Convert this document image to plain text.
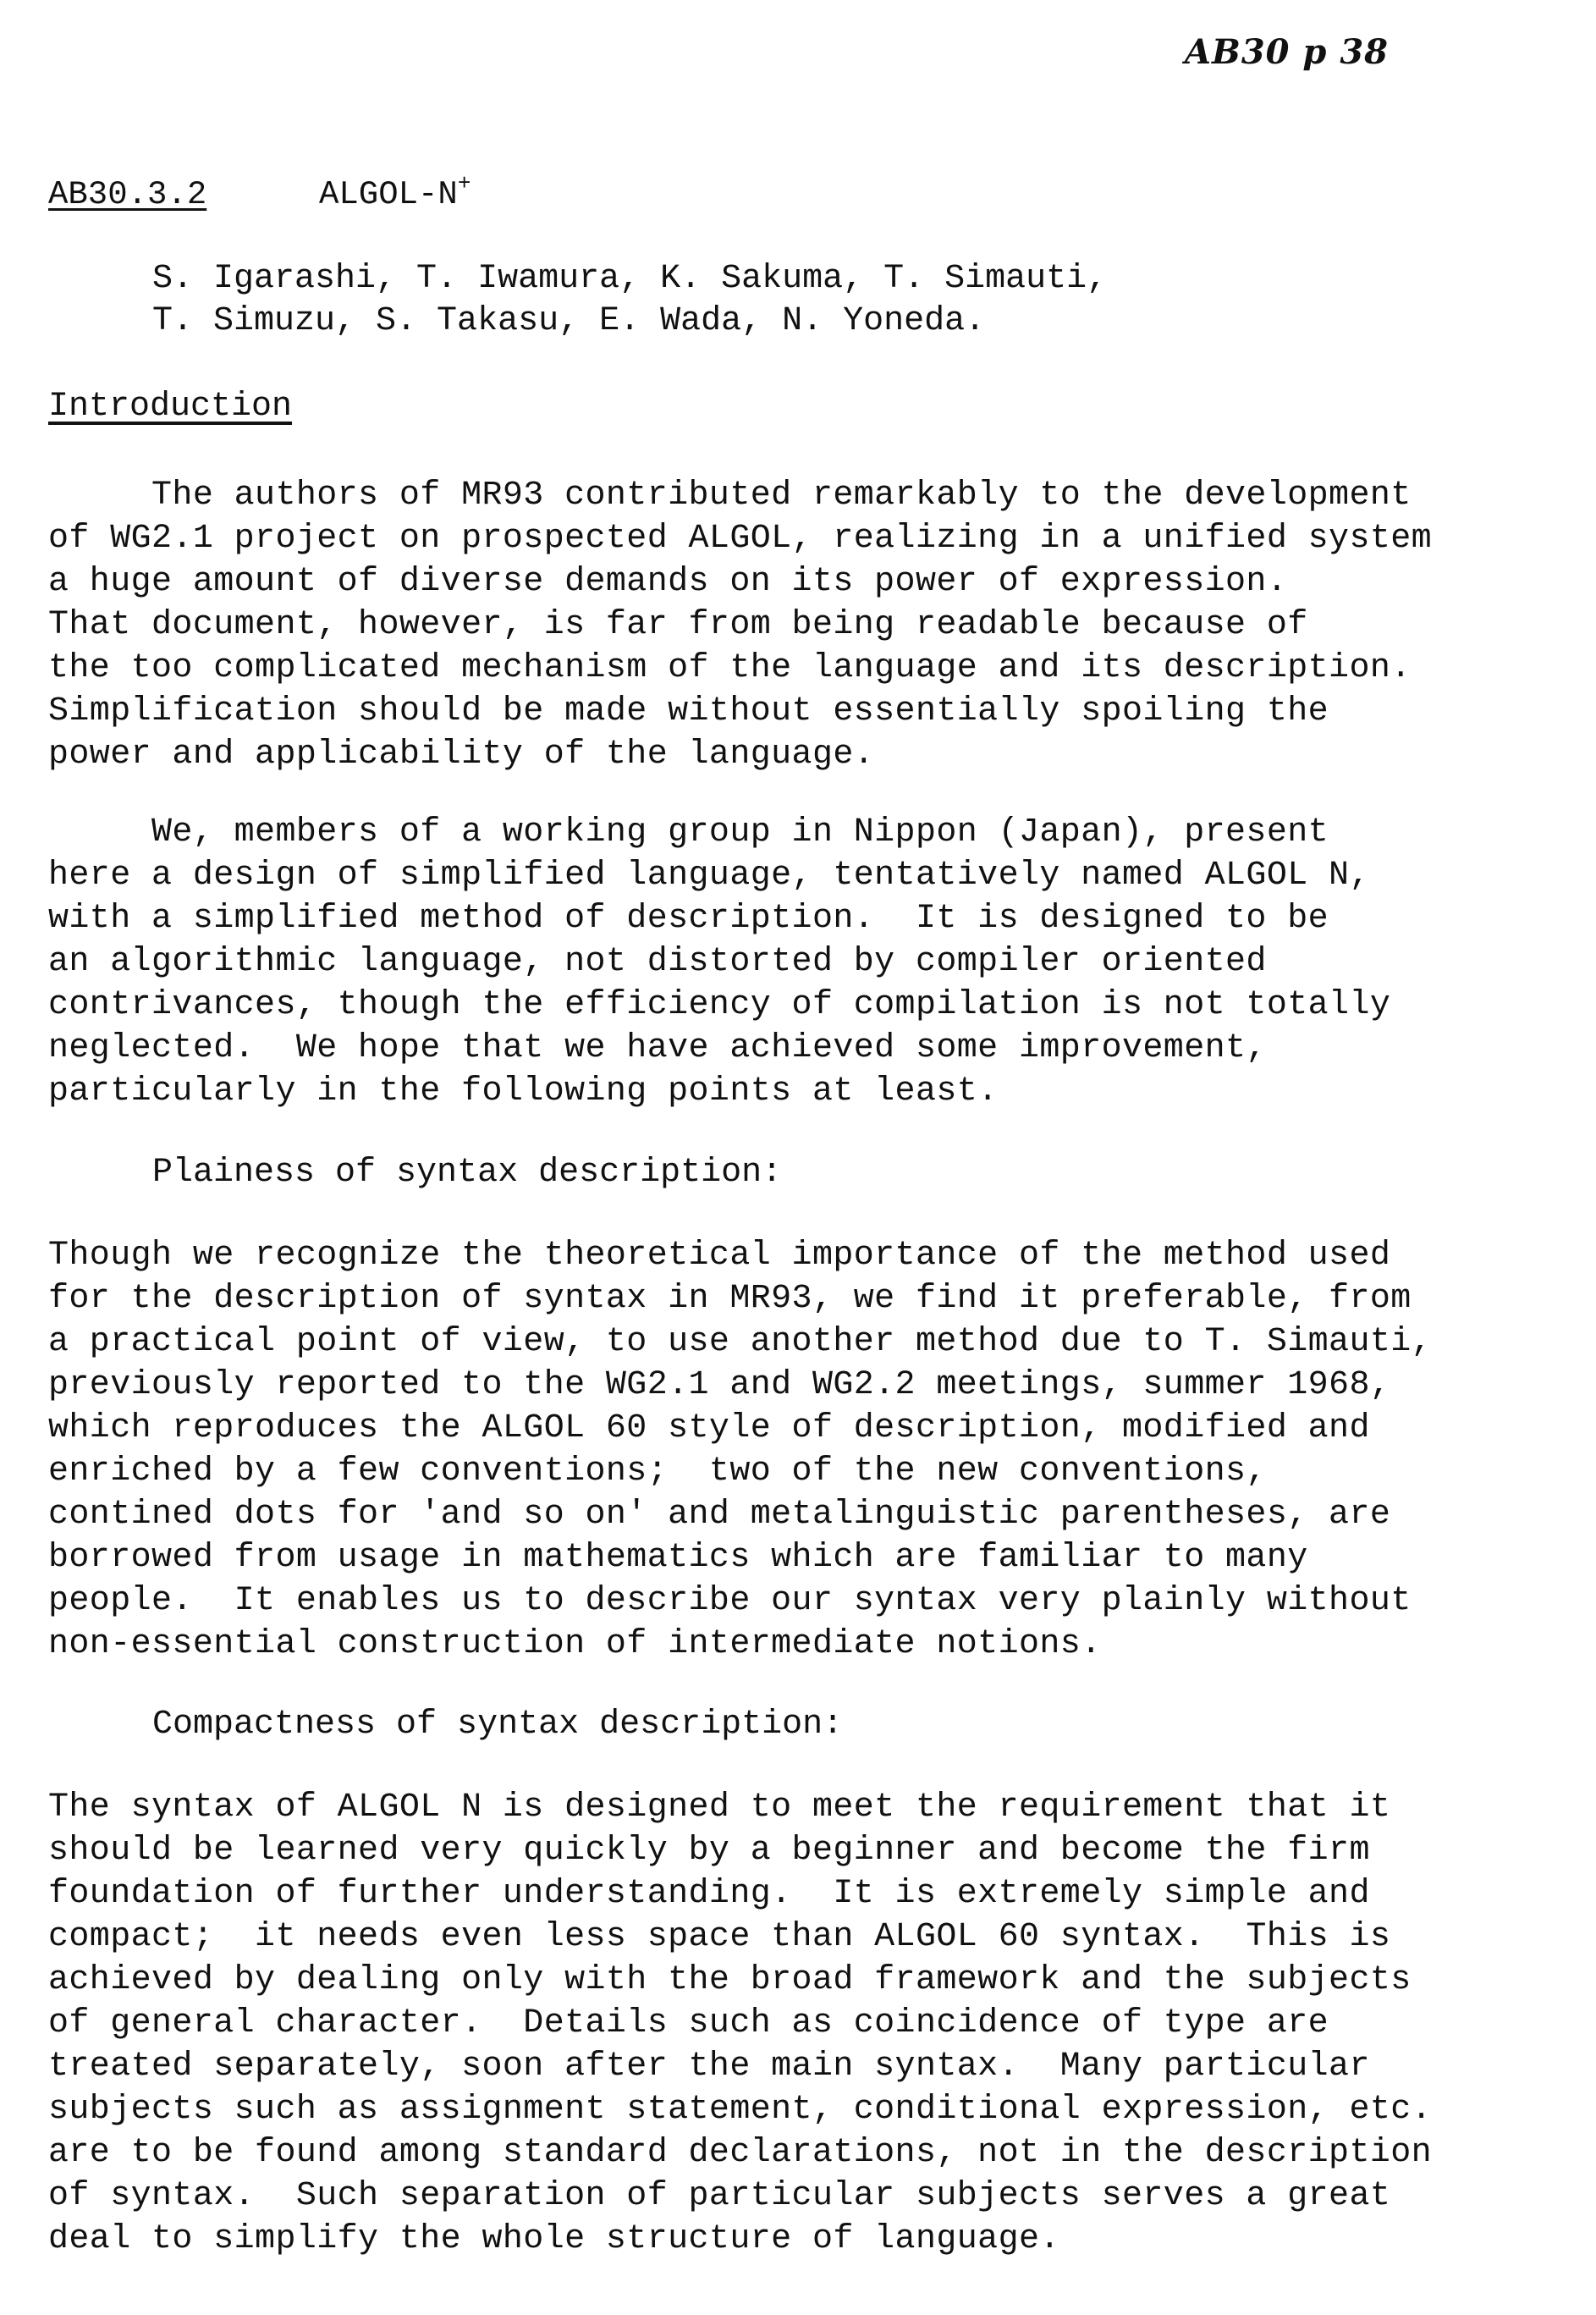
AB30 p 38
AB30.3.2	ALGOL-N+
S. Igarashi, T. Iwamura, K. Sakuma, T. Simauti,
T. Simuzu, S. Takasu, E. Wada, N. Yoneda.
Introduction
The authors of MR93 contributed remarkably to the development
of WG2.1 project on prospected ALGOL, realizing in a unified system
a huge amount of diverse demands on its power of expression.
That document, however, is far from being readable because of
the too complicated mechanism of the language and its description.
Simplification should be made without essentially spoiling the
power and applicability of the language.
We, members of a working group in Nippon (Japan), present
here a design of simplified language, tentatively named ALGOL N,
with a simplified method of description.  It is designed to be
an algorithmic language, not distorted by compiler oriented
contrivances, though the efficiency of compilation is not totally
neglected.  We hope that we have achieved some improvement,
particularly in the following points at least.
Plainess of syntax description:
Though we recognize the theoretical importance of the method used
for the description of syntax in MR93, we find it preferable, from
a practical point of view, to use another method due to T. Simauti,
previously reported to the WG2.1 and WG2.2 meetings, summer 1968,
which reproduces the ALGOL 60 style of description, modified and
enriched by a few conventions;  two of the new conventions,
contined dots for 'and so on' and metalinguistic parentheses, are
borrowed from usage in mathematics which are familiar to many
people.  It enables us to describe our syntax very plainly without
non-essential construction of intermediate notions.
Compactness of syntax description:
The syntax of ALGOL N is designed to meet the requirement that it
should be learned very quickly by a beginner and become the firm
foundation of further understanding.  It is extremely simple and
compact;  it needs even less space than ALGOL 60 syntax.  This is
achieved by dealing only with the broad framework and the subjects
of general character.  Details such as coincidence of type are
treated separately, soon after the main syntax.  Many particular
subjects such as assignment statement, conditional expression, etc.
are to be found among standard declarations, not in the description
of syntax.  Such separation of particular subjects serves a great
deal to simplify the whole structure of language.
